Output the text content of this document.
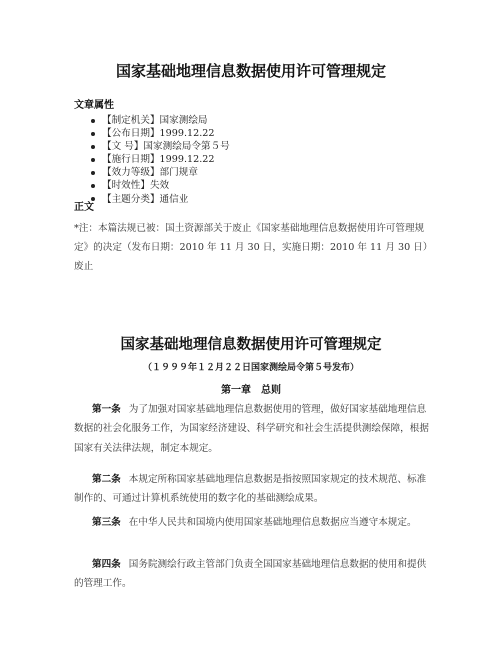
国家基础地理信息数据使用许可管理规定
文章属性
【制定机关】国家测绘局
【公布日期】1999.12.22
【文 号】国家测绘局令第５号
【施行日期】1999.12.22
【效力等级】部门规章
【时效性】失效
【主题分类】通信业
正文
*注：本篇法规已被：国土资源部关于废止《国家基础地理信息数据使用许可管理规定》的决定（发布日期：2010 年 11 月 30 日，实施日期：2010 年 11 月 30 日）废止
国家基础地理信息数据使用许可管理规定
（１９９９年１２月２２日国家测绘局令第５号发布）
第一章　总则
第一条 为了加强对国家基础地理信息数据使用的管理，做好国家基础地理信息数据的社会化服务工作，为国家经济建设、科学研究和社会生活提供测绘保障，根据国家有关法律法规，制定本规定。
第二条 本规定所称国家基础地理信息数据是指按照国家规定的技术规范、标准制作的、可通过计算机系统使用的数字化的基础测绘成果。
第三条 在中华人民共和国境内使用国家基础地理信息数据应当遵守本规定。
第四条 国务院测绘行政主管部门负责全国国家基础地理信息数据的使用和提供的管理工作。
